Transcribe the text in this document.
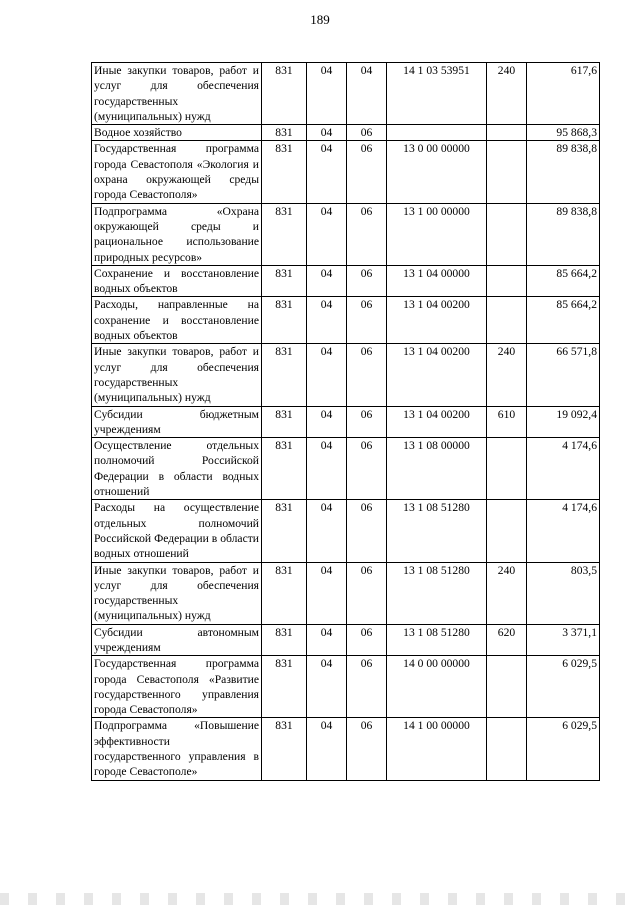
189
Иные закупки товаров, работ и услуг для обеспечения государственных (муниципальных) нужд	831	04	04	14 1 03 53951	240	617,6
Водное хозяйство	831	04	06			95 868,3
Государственная программа города Севастополя «Экология и охрана окружающей среды города Севастополя»	831	04	06	13 0 00 00000		89 838,8
Подпрограмма «Охрана окружающей среды и рациональное использование природных ресурсов»	831	04	06	13 1 00 00000		89 838,8
Сохранение и восстановление водных объектов	831	04	06	13 1 04 00000		85 664,2
Расходы, направленные на сохранение и восстановление водных объектов	831	04	06	13 1 04 00200		85 664,2
Иные закупки товаров, работ и услуг для обеспечения государственных (муниципальных) нужд	831	04	06	13 1 04 00200	240	66 571,8
Субсидии бюджетным учреждениям	831	04	06	13 1 04 00200	610	19 092,4
Осуществление отдельных полномочий Российской Федерации в области водных отношений	831	04	06	13 1 08 00000		4 174,6
Расходы на осуществление отдельных полномочий Российской Федерации в области водных отношений	831	04	06	13 1 08 51280		4 174,6
Иные закупки товаров, работ и услуг для обеспечения государственных (муниципальных) нужд	831	04	06	13 1 08 51280	240	803,5
Субсидии автономным учреждениям	831	04	06	13 1 08 51280	620	3 371,1
Государственная программа города Севастополя «Развитие государственного управления города Севастополя»	831	04	06	14 0 00 00000		6 029,5
Подпрограмма «Повышение эффективности государственного управления в городе Севастополе»	831	04	06	14 1 00 00000		6 029,5
